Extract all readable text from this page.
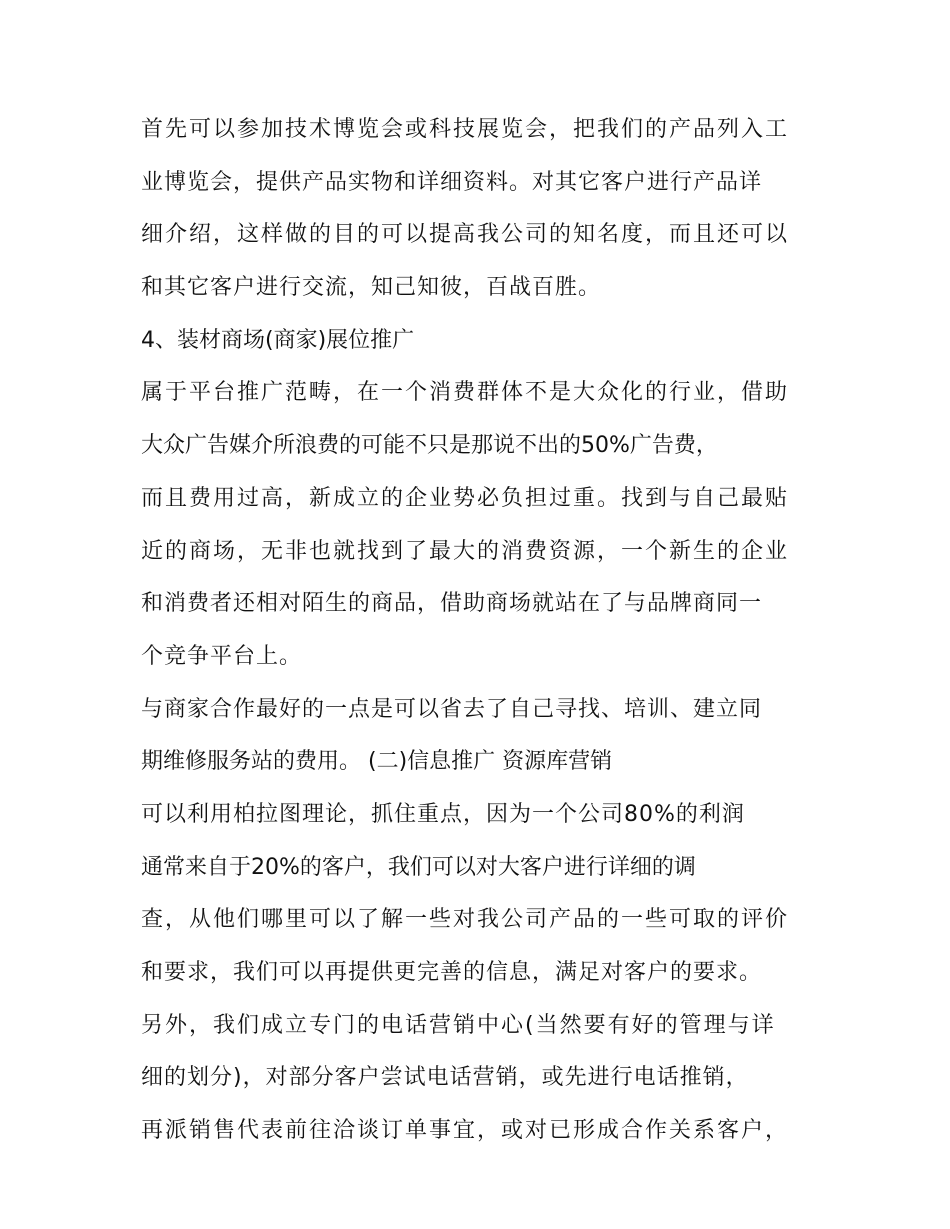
首先可以参加技术博览会或科技展览会，把我们的产品列入工
业博览会，提供产品实物和详细资料。对其它客户进行产品详
细介绍，这样做的目的可以提高我公司的知名度，而且还可以
和其它客户进行交流，知己知彼，百战百胜。
4、装材商场(商家)展位推广
属于平台推广范畴，在一个消费群体不是大众化的行业，借助
大众广告媒介所浪费的可能不只是那说不出的50%广告费，
而且费用过高，新成立的企业势必负担过重。找到与自己最贴
近的商场，无非也就找到了最大的消费资源，一个新生的企业
和消费者还相对陌生的商品，借助商场就站在了与品牌商同一
个竞争平台上。
与商家合作最好的一点是可以省去了自己寻找、培训、建立同
期维修服务站的费用。 (二)信息推广 资源库营销
可以利用柏拉图理论，抓住重点，因为一个公司80%的利润
通常来自于20%的客户，我们可以对大客户进行详细的调
查，从他们哪里可以了解一些对我公司产品的一些可取的评价
和要求，我们可以再提供更完善的信息，满足对客户的要求。
另外，我们成立专门的电话营销中心(当然要有好的管理与详
细的划分)，对部分客户尝试电话营销，或先进行电话推销，
再派销售代表前往洽谈订单事宜，或对已形成合作关系客户，
